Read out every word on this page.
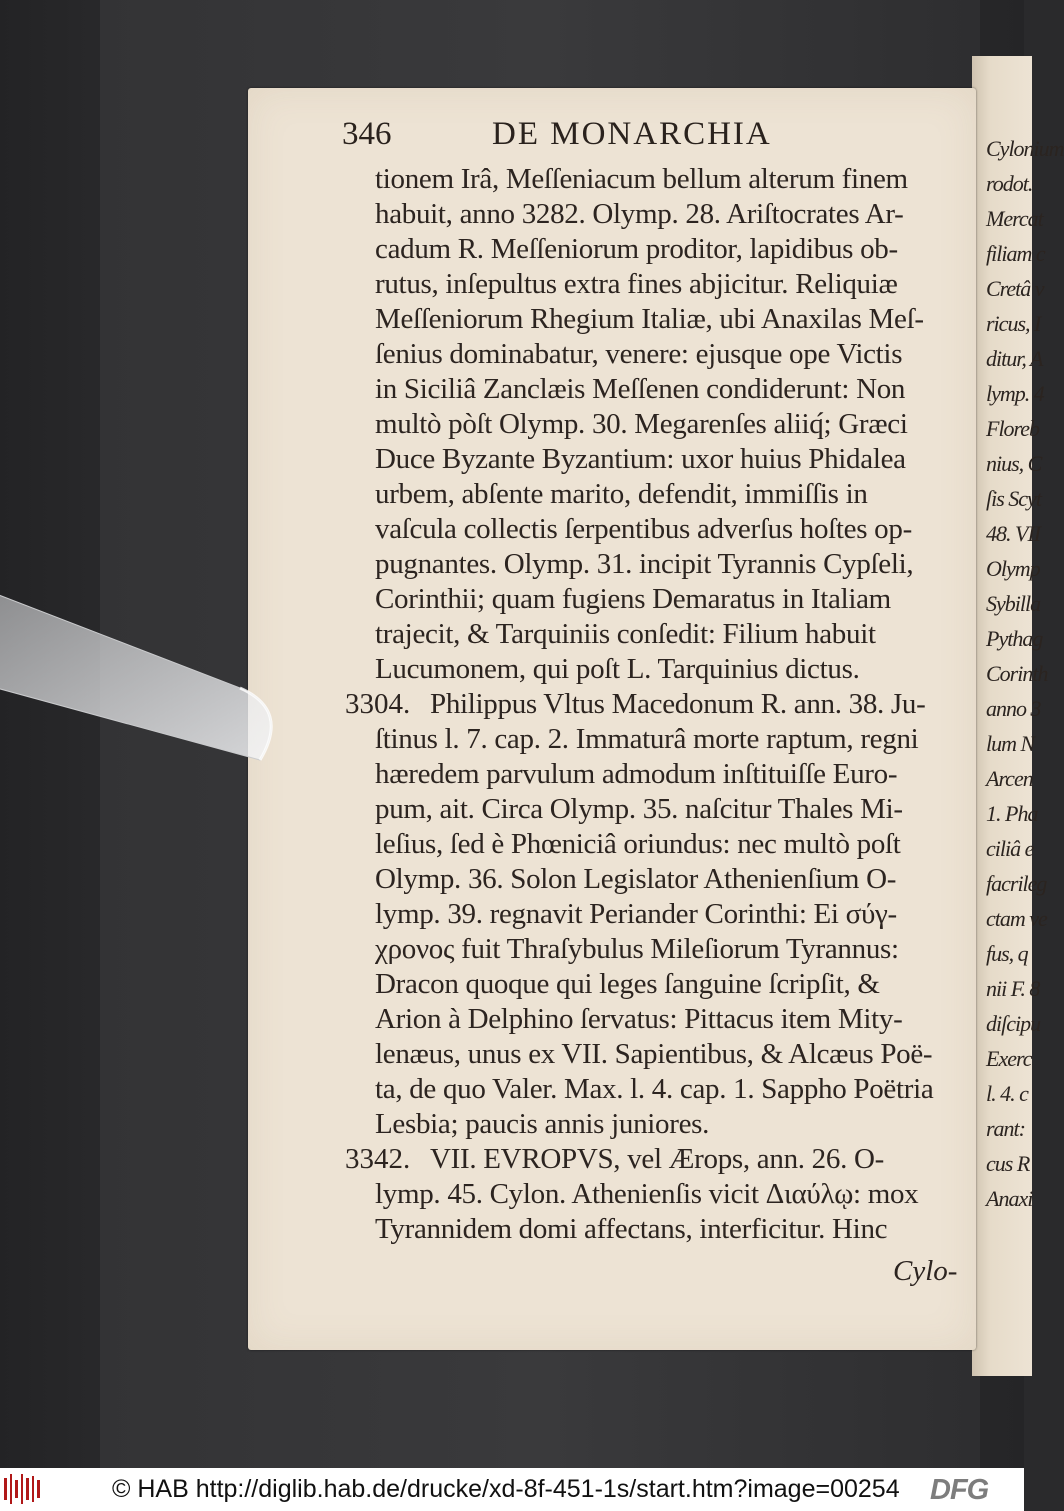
Cylonium
rodot.
Mercat
filiam c
Cretâ v
ricus, I
ditur, A
lymp. 4
Floreb
nius, C
ſis Scyt
48. VII
Olymp
Sybilla
Pythag
Corinth
anno 3
lum N
Arcen
1. Pha
ciliâ e
facrileg
ctam ve
fus, q
nii F. 8
diſcipu
Exerc
l. 4. c
rant:
cus R
Anaxi
346	DE MONARCHIA
tionem Irâ, Meſſeniacum bellum alterum finem
habuit, anno 3282. Olymp. 28. Ariſtocrates Ar-
cadum R. Meſſeniorum proditor, lapidibus ob-
rutus, inſepultus extra fines abjicitur. Reliquiæ
Meſſeniorum Rhegium Italiæ, ubi Anaxilas Meſ-
ſenius dominabatur, venere: ejusque ope Victis
in Siciliâ Zanclæis Meſſenen condiderunt: Non
multò pòſt Olymp. 30. Megarenſes aliiq́; Græci
Duce Byzante Byzantium: uxor huius Phidalea
urbem, abſente marito, defendit, immiſſis in
vaſcula collectis ſerpentibus adverſus hoſtes op-
pugnantes. Olymp. 31. incipit Tyrannis Cypſeli,
Corinthii; quam fugiens Demaratus in Italiam
trajecit, & Tarquiniis conſedit: Filium habuit
Lucumonem, qui poſt L. Tarquinius dictus.
Philippus Vltus Macedonum R. ann. 38. Ju-
ſtinus l. 7. cap. 2. Immaturâ morte raptum, regni
hæredem parvulum admodum inſtituiſſe Euro-
pum, ait. Circa Olymp. 35. naſcitur Thales Mi-
leſius, ſed è Phœniciâ oriundus: nec multò poſt
Olymp. 36. Solon Legislator Athenienſium O-
lymp. 39. regnavit Periander Corinthi: Ei σύγ-
χρονος fuit Thraſybulus Mileſiorum Tyrannus:
Dracon quoque qui leges ſanguine ſcripſit, &
Arion à Delphino ſervatus: Pittacus item Mity-
lenæus, unus ex VII. Sapientibus, & Alcæus Poë-
ta, de quo Valer. Max. l. 4. cap. 1. Sappho Poëtria
Lesbia; paucis annis juniores.
VII. EVROPVS, vel Ærops, ann. 26. O-
lymp. 45. Cylon. Athenienſis vicit Διαύλῳ: mox
Tyrannidem domi affectans, interficitur. Hinc
3304.
3342.
Cylo-
© HAB http://diglib.hab.de/drucke/xd-8f-451-1s/start.htm?image=00254 DFG
